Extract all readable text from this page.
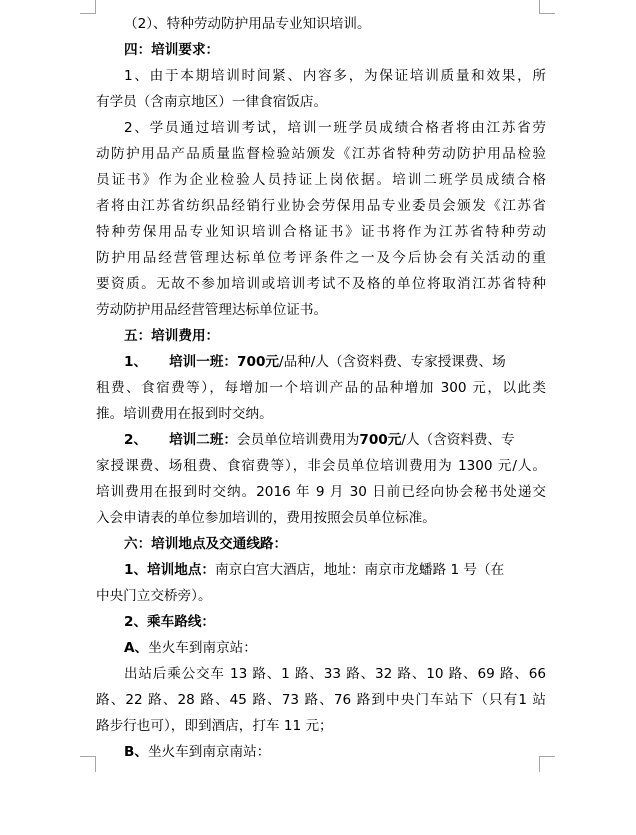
（2）、特种劳动防护用品专业知识培训。
四：培训要求：
1、由于本期培训时间紧、内容多，为保证培训质量和效果，所
有学员（含南京地区）一律食宿饭店。
2、学员通过培训考试，培训一班学员成绩合格者将由江苏省劳
动防护用品产品质量监督检验站颁发《江苏省特种劳动防护用品检验
员证书》作为企业检验人员持证上岗依据。培训二班学员成绩合格
者将由江苏省纺织品经销行业协会劳保用品专业委员会颁发《江苏省
特种劳保用品专业知识培训合格证书》证书将作为江苏省特种劳动
防护用品经营管理达标单位考评条件之一及今后协会有关活动的重
要资质。无故不参加培训或培训考试不及格的单位将取消江苏省特种
劳动防护用品经营管理达标单位证书。
五：培训费用：
1、 培训一班：700元/品种/人（含资料费、专家授课费、场
租费、食宿费等），每增加一个培训产品的品种增加 300 元，以此类
推。培训费用在报到时交纳。
2、 培训二班：会员单位培训费用为700元/人（含资料费、专
家授课费、场租费、食宿费等），非会员单位培训费用为 1300 元/人。
培训费用在报到时交纳。2016 年 9 月 30 日前已经向协会秘书处递交
入会申请表的单位参加培训的，费用按照会员单位标准。
六：培训地点及交通线路：
1、培训地点：南京白宫大酒店，地址：南京市龙蟠路 1 号（在
中央门立交桥旁）。
2、乘车路线：
A、坐火车到南京站：
出站后乘公交车 13 路、1 路、33 路、32 路、10 路、69 路、66
路、22 路、28 路、45 路、73 路、76 路到中央门车站下（只有1 站
路步行也可），即到酒店，打车 11 元；
B、坐火车到南京南站：
